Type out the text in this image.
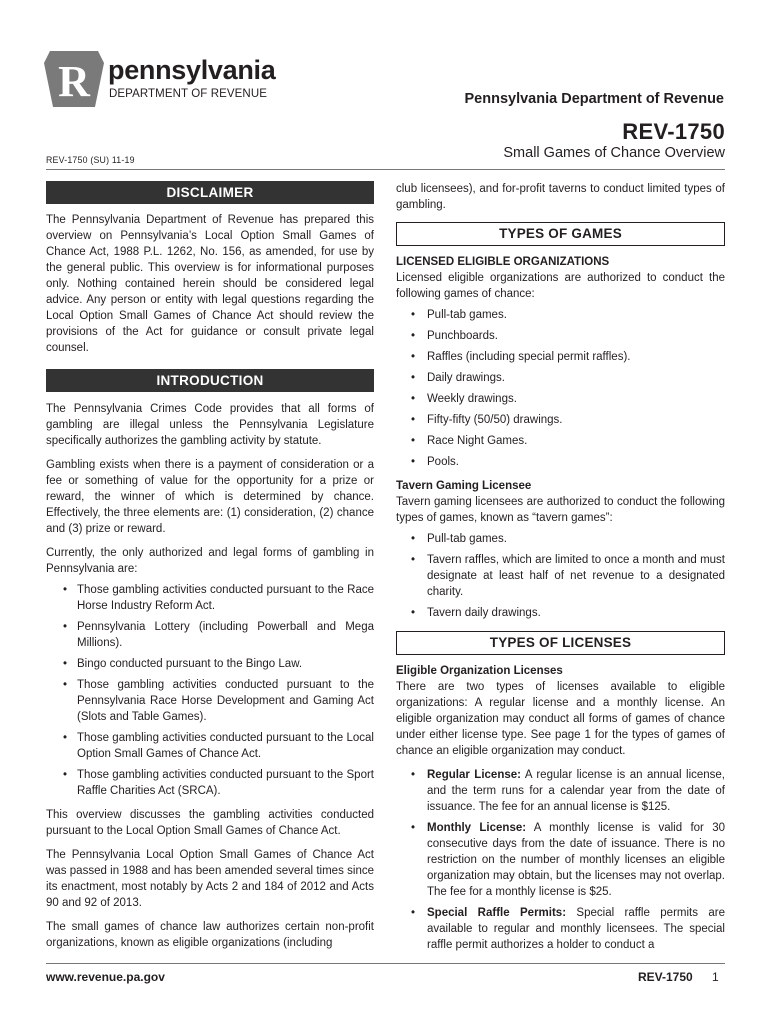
R pennsylvania
DEPARTMENT OF REVENUE	Pennsylvania Department of Revenue
REV-1750
Small Games of Chance Overview
REV-1750 (SU) 11-19
DISCLAIMER

The Pennsylvania Department of Revenue has prepared this overview on Pennsylvania’s Local Option Small Games of Chance Act, 1988 P.L. 1262, No. 156, as amended, for use by the general public. This overview is for informational purposes only. Nothing contained herein should be considered legal advice. Any person or entity with legal questions regarding the Local Option Small Games of Chance Act should review the provisions of the Act for guidance or consult private legal counsel.

INTRODUCTION

The Pennsylvania Crimes Code provides that all forms of gambling are illegal unless the Pennsylvania Legislature specifically authorizes the gambling activity by statute.

Gambling exists when there is a payment of consideration or a fee or something of value for the opportunity for a prize or reward, the winner of which is determined by chance. Effectively, the three elements are: (1) consideration, (2) chance and (3) prize or reward.

Currently, the only authorized and legal forms of gambling in Pennsylvania are:

• Those gambling activities conducted pursuant to the Race Horse Industry Reform Act.
• Pennsylvania Lottery (including Powerball and Mega Millions).
• Bingo conducted pursuant to the Bingo Law.
• Those gambling activities conducted pursuant to the Pennsylvania Race Horse Development and Gaming Act (Slots and Table Games).
• Those gambling activities conducted pursuant to the Local Option Small Games of Chance Act.
• Those gambling activities conducted pursuant to the Sport Raffle Charities Act (SRCA).

This overview discusses the gambling activities conducted pursuant to the Local Option Small Games of Chance Act.

The Pennsylvania Local Option Small Games of Chance Act was passed in 1988 and has been amended several times since its enactment, most notably by Acts 2 and 184 of 2012 and Acts 90 and 92 of 2013.

The small games of chance law authorizes certain non-profit organizations, known as eligible organizations (including

club licensees), and for-profit taverns to conduct limited types of gambling.

TYPES OF GAMES
LICENSED ELIGIBLE ORGANIZATIONS

Licensed eligible organizations are authorized to conduct the following games of chance:

• Pull-tab games.
• Punchboards.
• Raffles (including special permit raffles).
• Daily drawings.
• Weekly drawings.
• Fifty-fifty (50/50) drawings.
• Race Night Games.
• Pools.
Tavern Gaming Licensee

Tavern gaming licensees are authorized to conduct the following types of games, known as “tavern games”:

• Pull-tab games.
• Tavern raffles, which are limited to once a month and must designate at least half of net revenue to a designated charity.
• Tavern daily drawings.
TYPES OF LICENSES
Eligible Organization Licenses

There are two types of licenses available to eligible organizations: A regular license and a monthly license. An eligible organization may conduct all forms of games of chance under either license type. See page 1 for the types of games of chance an eligible organization may conduct.

• Regular License: A regular license is an annual license, and the term runs for a calendar year from the date of issuance. The fee for an annual license is $125.
• Monthly License: A monthly license is valid for 30 consecutive days from the date of issuance. There is no restriction on the number of monthly licenses an eligible organization may obtain, but the licenses may not overlap. The fee for a monthly license is $25.
• Special Raffle Permits: Special raffle permits are available to regular and monthly licensees. The special raffle permit authorizes a holder to conduct a
www.revenue.pa.gov	REV-1750 1
